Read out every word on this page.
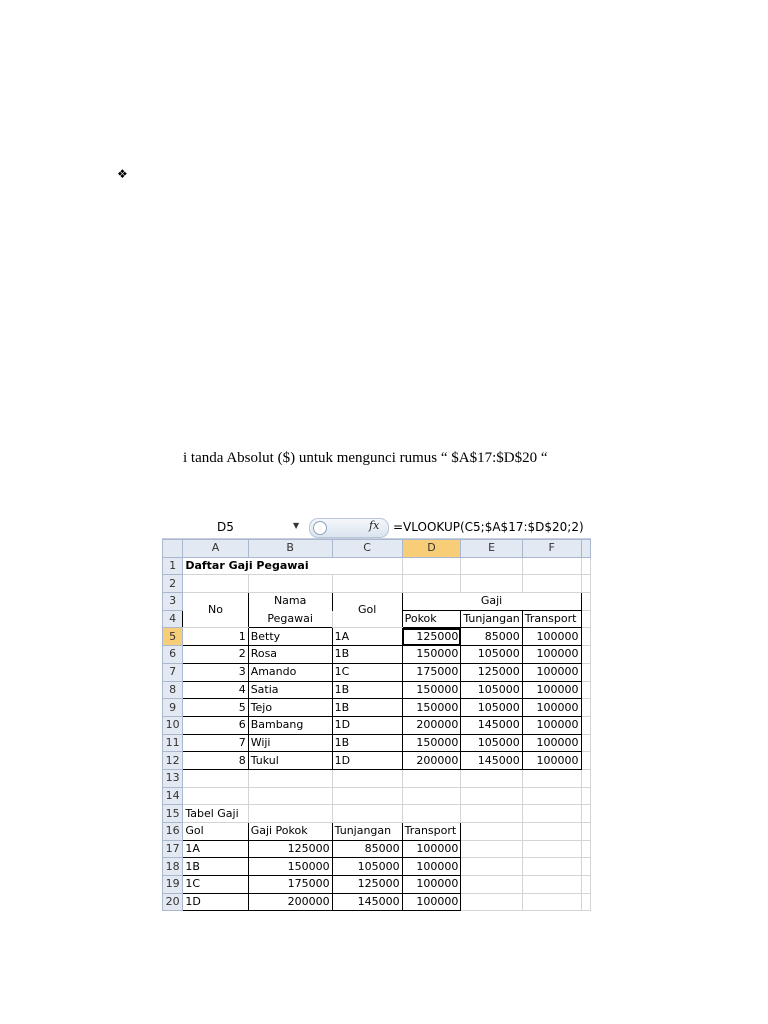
❖
i tanda Absolut ($) untuk mengunci rumus “ $A$17:$D$20 “
D5	▼	fx =VLOOKUP(C5;$A$17:$D$20;2)
	A	B	C	D	E	F	
1	Daftar Gaji Pegawai						
2							
3	No	Nama	Gol	Gaji			
4		Pegawai		Pokok	Tunjangan	Transport	
5	1	Betty	1A	125000	85000	100000	
6	2	Rosa	1B	150000	105000	100000	
7	3	Amando	1C	175000	125000	100000	
8	4	Satia	1B	150000	105000	100000	
9	5	Tejo	1B	150000	105000	100000	
10	6	Bambang	1D	200000	145000	100000	
11	7	Wiji	1B	150000	105000	100000	
12	8	Tukul	1D	200000	145000	100000	
13							
14							
15	Tabel Gaji						
16	Gol	Gaji Pokok	Tunjangan	Transport			
17	1A	125000	85000	100000			
18	1B	150000	105000	100000			
19	1C	175000	125000	100000			
20	1D	200000	145000	100000			
